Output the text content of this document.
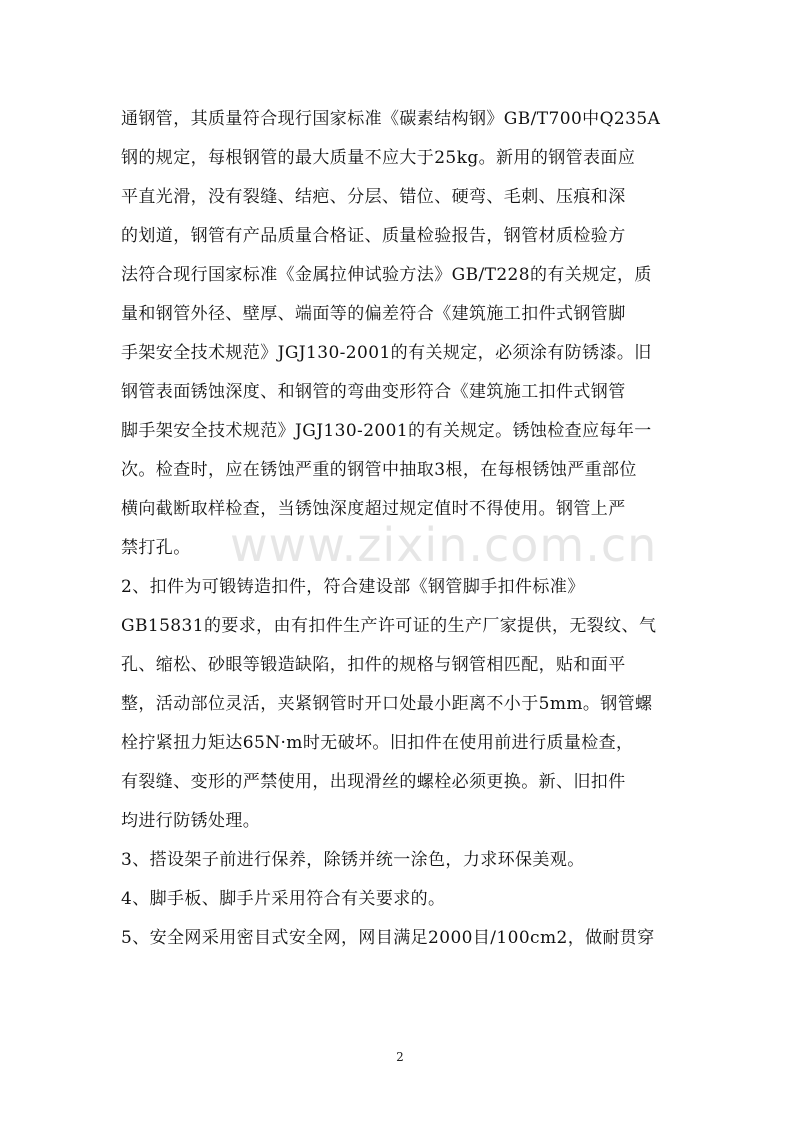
通钢管，其质量符合现行国家标准《碳素结构钢》GB/T700中Q235A
钢的规定，每根钢管的最大质量不应大于25kg。新用的钢管表面应
平直光滑，没有裂缝、结疤、分层、错位、硬弯、毛刺、压痕和深
的划道，钢管有产品质量合格证、质量检验报告，钢管材质检验方
法符合现行国家标准《金属拉伸试验方法》GB/T228的有关规定，质
量和钢管外径、壁厚、端面等的偏差符合《建筑施工扣件式钢管脚
手架安全技术规范》JGJ130-2001的有关规定，必须涂有防锈漆。旧
钢管表面锈蚀深度、和钢管的弯曲变形符合《建筑施工扣件式钢管
脚手架安全技术规范》JGJ130-2001的有关规定。锈蚀检查应每年一
次。检查时，应在锈蚀严重的钢管中抽取3根，在每根锈蚀严重部位
横向截断取样检查，当锈蚀深度超过规定值时不得使用。钢管上严
禁打孔。
2、扣件为可锻铸造扣件，符合建设部《钢管脚手扣件标准》
GB15831的要求，由有扣件生产许可证的生产厂家提供，无裂纹、气
孔、缩松、砂眼等锻造缺陷，扣件的规格与钢管相匹配，贴和面平
整，活动部位灵活，夹紧钢管时开口处最小距离不小于5mm。钢管螺
栓拧紧扭力矩达65N·m时无破坏。旧扣件在使用前进行质量检查，
有裂缝、变形的严禁使用，出现滑丝的螺栓必须更换。新、旧扣件
均进行防锈处理。
3、搭设架子前进行保养，除锈并统一涂色，力求环保美观。
4、脚手板、脚手片采用符合有关要求的。
5、安全网采用密目式安全网，网目满足2000目/100cm2，做耐贯穿
www.zixin.com.cn
2
